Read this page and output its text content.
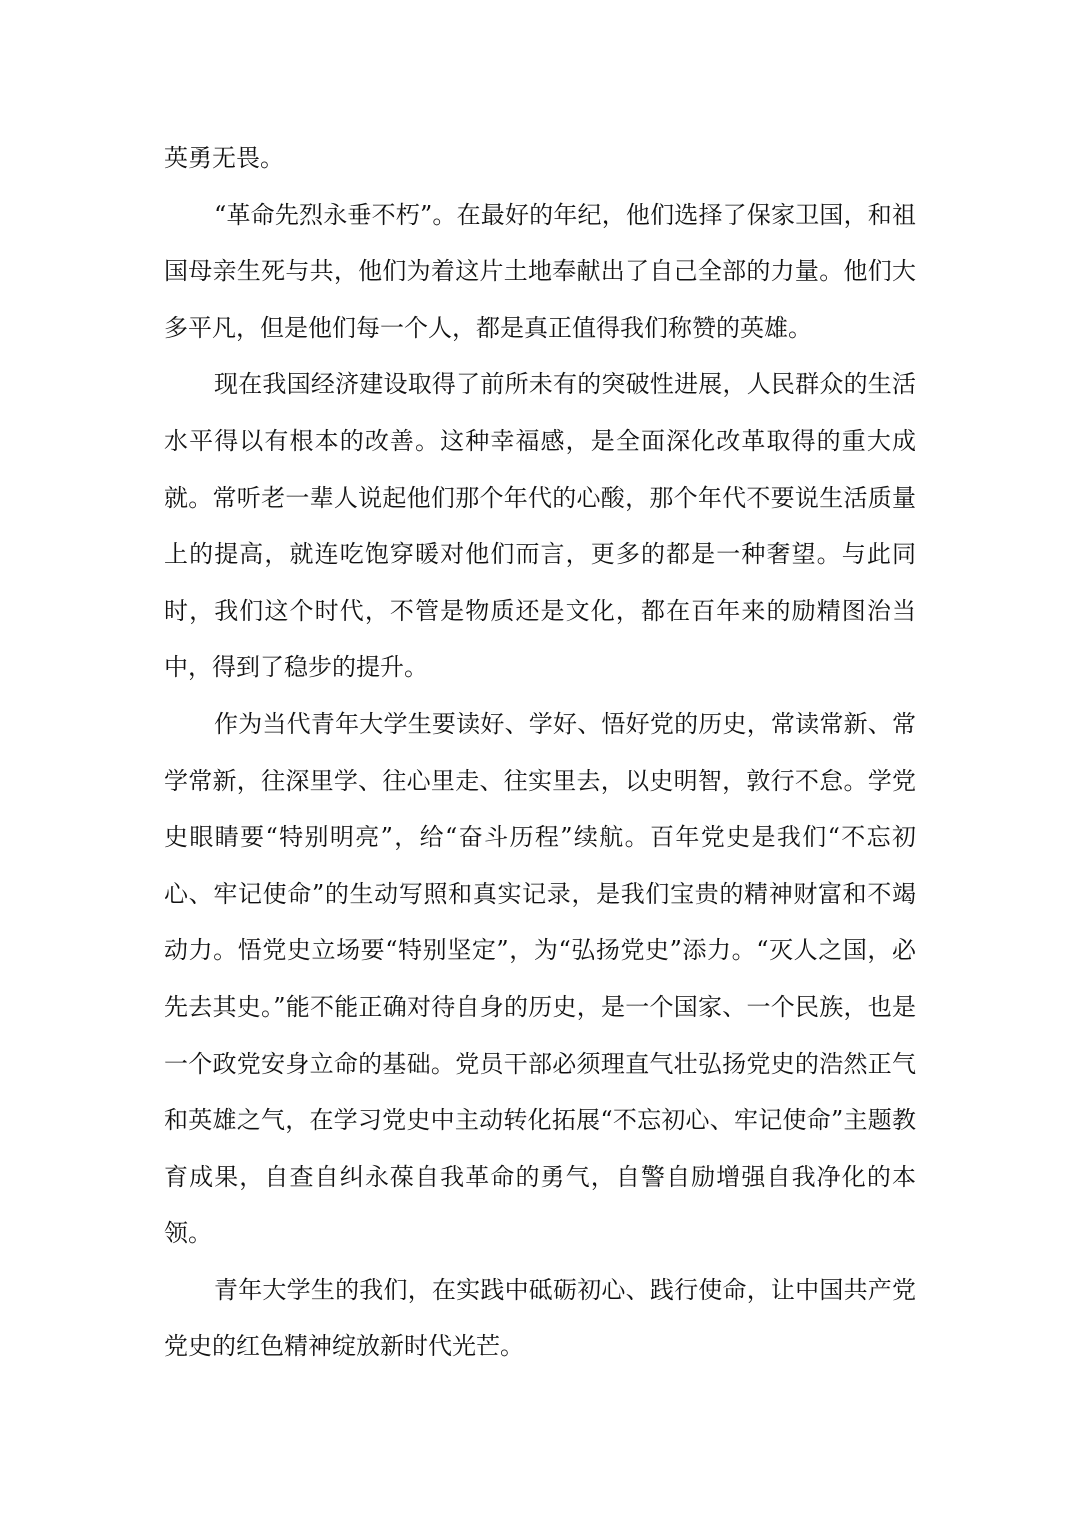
英勇无畏。

“革命先烈永垂不朽”。在最好的年纪，他们选择了保家卫国，和祖国母亲生死与共，他们为着这片土地奉献出了自己全部的力量。他们大多平凡，但是他们每一个人，都是真正值得我们称赞的英雄。

现在我国经济建设取得了前所未有的突破性进展，人民群众的生活水平得以有根本的改善。这种幸福感，是全面深化改革取得的重大成就。常听老一辈人说起他们那个年代的心酸，那个年代不要说生活质量上的提高，就连吃饱穿暖对他们而言，更多的都是一种奢望。与此同时，我们这个时代，不管是物质还是文化，都在百年来的励精图治当中，得到了稳步的提升。

作为当代青年大学生要读好、学好、悟好党的历史，常读常新、常学常新，往深里学、往心里走、往实里去，以史明智，敦行不怠。学党史眼睛要“特别明亮”，给“奋斗历程”续航。百年党史是我们“不忘初心、牢记使命”的生动写照和真实记录，是我们宝贵的精神财富和不竭动力。悟党史立场要“特别坚定”，为“弘扬党史”添力。“灭人之国，必先去其史。”能不能正确对待自身的历史，是一个国家、一个民族，也是一个政党安身立命的基础。党员干部必须理直气壮弘扬党史的浩然正气和英雄之气，在学习党史中主动转化拓展“不忘初心、牢记使命”主题教育成果，自查自纠永葆自我革命的勇气，自警自励增强自我净化的本领。

青年大学生的我们，在实践中砥砺初心、践行使命，让中国共产党党史的红色精神绽放新时代光芒。
